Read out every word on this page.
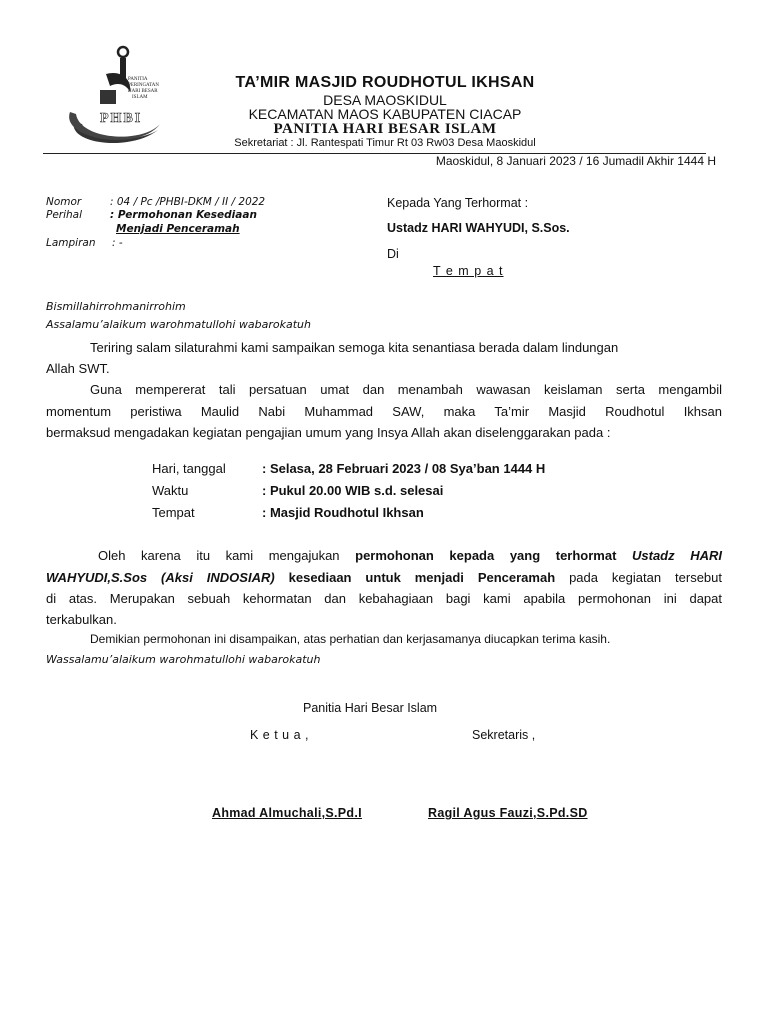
PHBI
PANITIA
PERINGATAN
HARI BESAR
ISLAM
TA’MIR MASJID ROUDHOTUL IKHSAN
DESA MAOSKIDUL
KECAMATAN MAOS KABUPATEN CIACAP
PANITIA HARI BESAR ISLAM
Sekretariat : Jl. Rantespati Timur Rt 03 Rw03 Desa Maoskidul
Maoskidul, 8 Januari 2023 / 16 Jumadil Akhir 1444 H
Nomor	: 04 / Pc /PHBI-DKM / II / 2022
Perihal	: Permohonan Kesediaan
Menjadi Penceramah
Lampiran : -
Kepada Yang Terhormat :
Ustadz HARI WAHYUDI, S.Sos.
Di
T e m p a t
Bismillahirrohmanirrohim
Assalamu’alaikum warohmatullohi wabarokatuh
Teriring salam silaturahmi kami sampaikan semoga kita senantiasa berada dalam lindungan
Allah SWT.
Guna mempererat tali persatuan umat dan menambah wawasan keislaman serta mengambil
momentum peristiwa Maulid Nabi Muhammad SAW, maka Ta’mir Masjid Roudhotul Ikhsan
bermaksud mengadakan kegiatan pengajian umum yang Insya Allah akan diselenggarakan pada :
Hari, tanggal	: Selasa, 28 Februari 2023 / 08 Sya’ban 1444 H
Waktu	: Pukul 20.00 WIB s.d. selesai
Tempat	: Masjid Roudhotul Ikhsan
Oleh karena itu kami mengajukan permohonan kepada yang terhormat Ustadz HARI
WAHYUDI,S.Sos (Aksi INDOSIAR) kesediaan untuk menjadi Penceramah pada kegiatan tersebut
di atas. Merupakan sebuah kehormatan dan kebahagiaan bagi kami apabila permohonan ini dapat
terkabulkan.
Demikian permohonan ini disampaikan, atas perhatian dan kerjasamanya diucapkan terima kasih.
Wassalamu’alaikum warohmatullohi wabarokatuh
Panitia Hari Besar Islam
K e t u a ,	Sekretaris ,
Ahmad Almuchali,S.Pd.I	Ragil Agus Fauzi,S.Pd.SD
